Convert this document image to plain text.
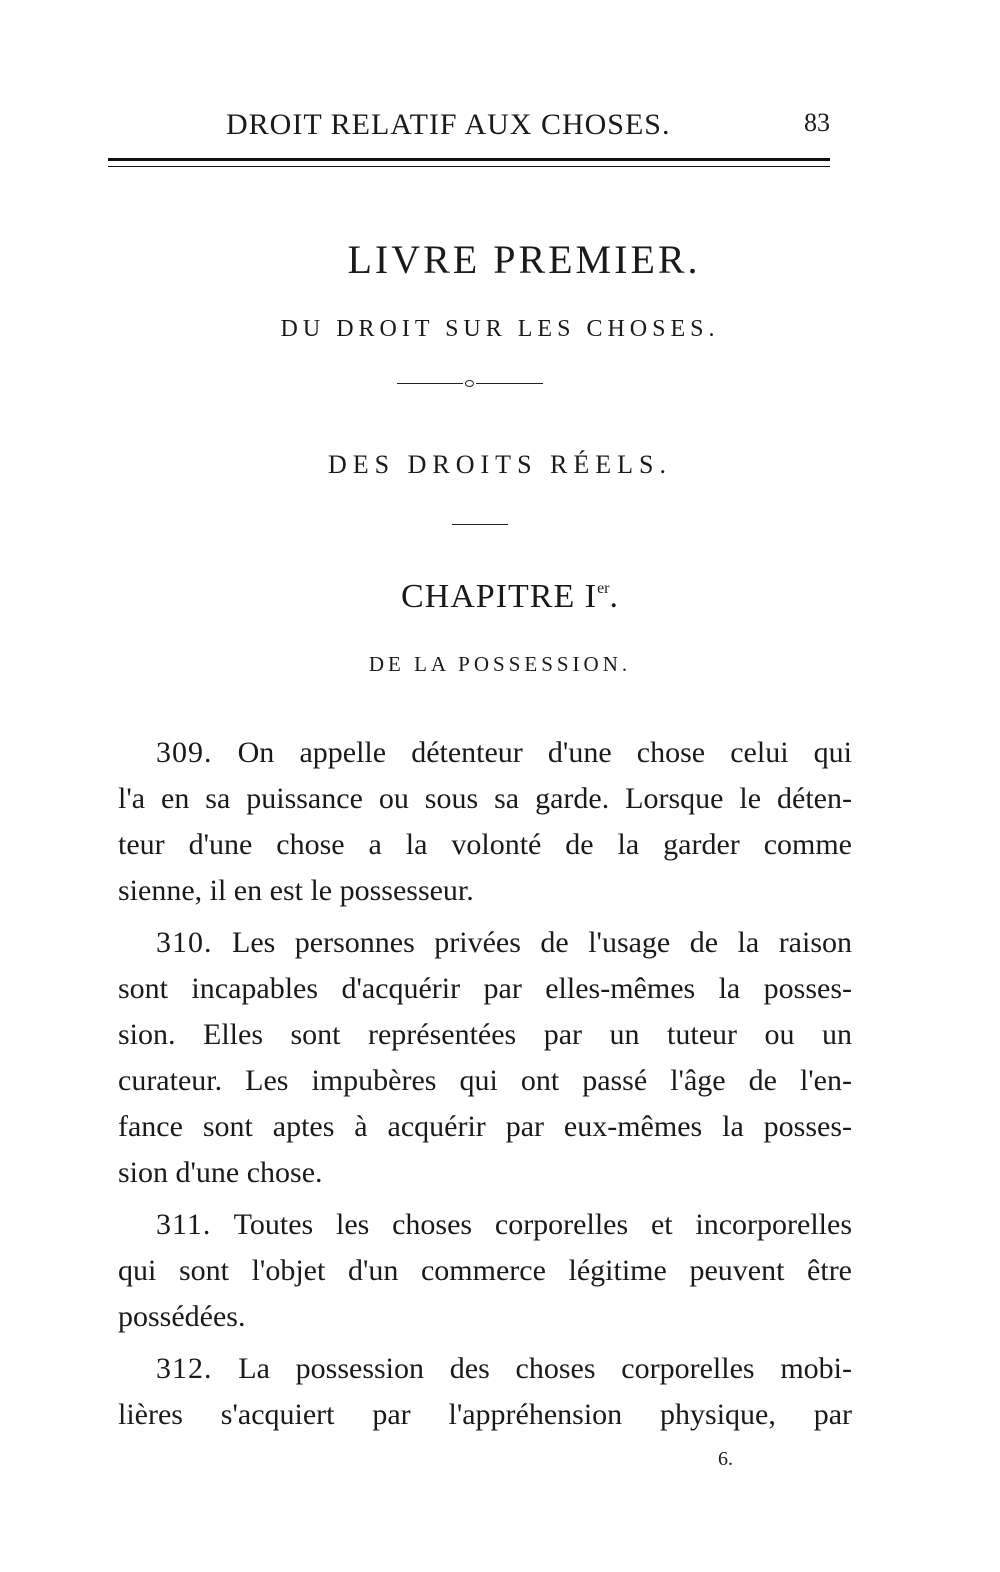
DROIT RELATIF AUX CHOSES.	83
LIVRE PREMIER.
DU DROIT SUR LES CHOSES.
DES DROITS RÉELS.
CHAPITRE Ier.
DE LA POSSESSION.
309. On appelle détenteur d'une chose celui qui
l'a en sa puissance ou sous sa garde. Lorsque le déten-
teur d'une chose a la volonté de la garder comme
sienne, il en est le possesseur.
310. Les personnes privées de l'usage de la raison
sont incapables d'acquérir par elles-mêmes la posses-
sion. Elles sont représentées par un tuteur ou un
curateur. Les impubères qui ont passé l'âge de l'en-
fance sont aptes à acquérir par eux-mêmes la posses-
sion d'une chose.
311. Toutes les choses corporelles et incorporelles
qui sont l'objet d'un commerce légitime peuvent être
possédées.
312. La possession des choses corporelles mobi-
lières s'acquiert par l'appréhension physique, par
6.
